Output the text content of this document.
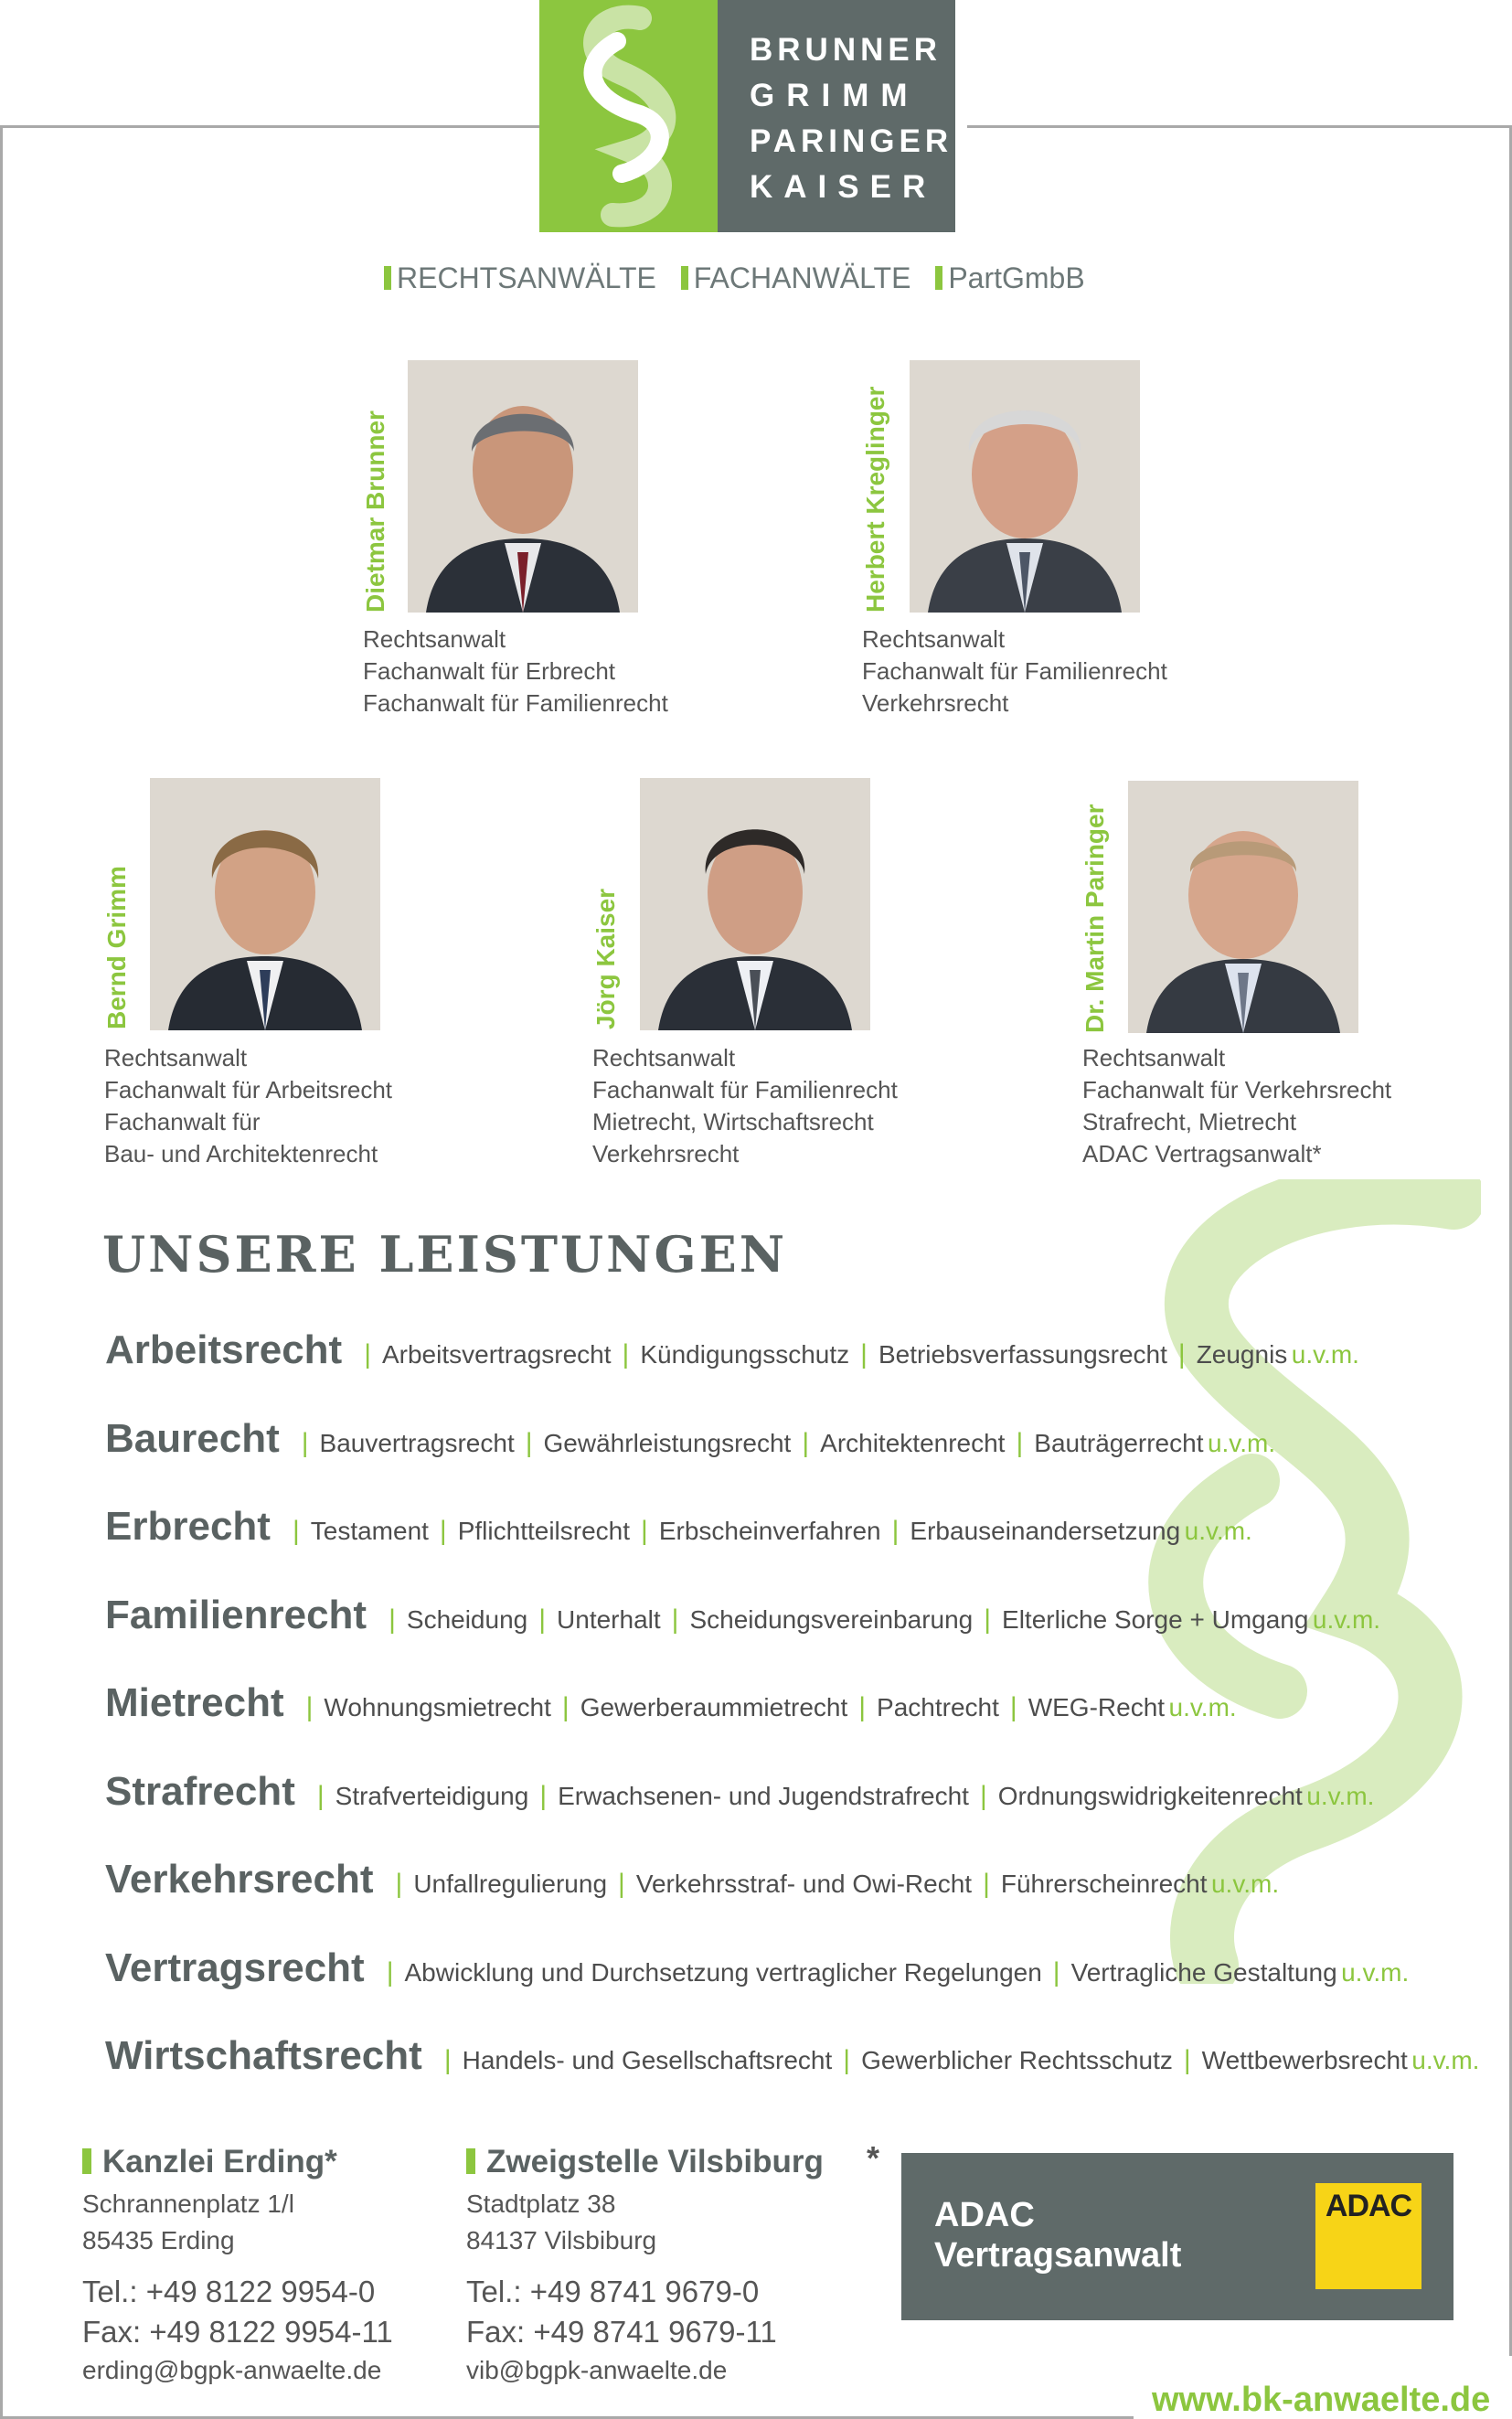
BRUNNER
GRIMM
PARINGER
KAISER
RECHTSANWÄLTE FACHANWÄLTE PartGmbB
Dietmar Brunner
Rechtsanwalt
Fachanwalt für Erbrecht
Fachanwalt für Familienrecht
Herbert Kreglinger
Rechtsanwalt
Fachanwalt für Familienrecht
Verkehrsrecht
Bernd Grimm
Rechtsanwalt
Fachanwalt für Arbeitsrecht
Fachanwalt für
Bau- und Architektenrecht
Jörg Kaiser
Rechtsanwalt
Fachanwalt für Familienrecht
Mietrecht, Wirtschaftsrecht
Verkehrsrecht
Dr. Martin Paringer
Rechtsanwalt
Fachanwalt für Verkehrsrecht
Strafrecht, Mietrecht
ADAC Vertragsanwalt*
UNSERE LEISTUNGEN
Arbeitsrecht | Arbeitsvertragsrecht | Kündigungsschutz | Betriebsverfassungsrecht | Zeugnis u.v.m.
Baurecht | Bauvertragsrecht | Gewährleistungsrecht | Architektenrecht | Bauträgerrecht u.v.m.
Erbrecht | Testament | Pflichtteilsrecht | Erbscheinverfahren | Erbauseinandersetzung u.v.m.
Familienrecht | Scheidung | Unterhalt | Scheidungsvereinbarung | Elterliche Sorge + Umgang u.v.m.
Mietrecht | Wohnungsmietrecht | Gewerberaummietrecht | Pachtrecht | WEG-Recht u.v.m.
Strafrecht | Strafverteidigung | Erwachsenen- und Jugendstrafrecht | Ordnungswidrigkeitenrecht u.v.m.
Verkehrsrecht | Unfallregulierung | Verkehrsstraf- und Owi-Recht | Führerscheinrecht u.v.m.
Vertragsrecht | Abwicklung und Durchsetzung vertraglicher Regelungen | Vertragliche Gestaltung u.v.m.
Wirtschaftsrecht | Handels- und Gesellschaftsrecht | Gewerblicher Rechtsschutz | Wettbewerbsrecht u.v.m.
Kanzlei Erding*
Schrannenplatz 1/l
85435 Erding
Tel.: +49 8122 9954-0
Fax: +49 8122 9954-11
erding@bgpk-anwaelte.de
Zweigstelle Vilsbiburg
Stadtplatz 38
84137 Vilsbiburg
Tel.: +49 8741 9679-0
Fax: +49 8741 9679-11
vib@bgpk-anwaelte.de
*
ADAC
Vertragsanwalt
ADAC
www.bk-anwaelte.de
